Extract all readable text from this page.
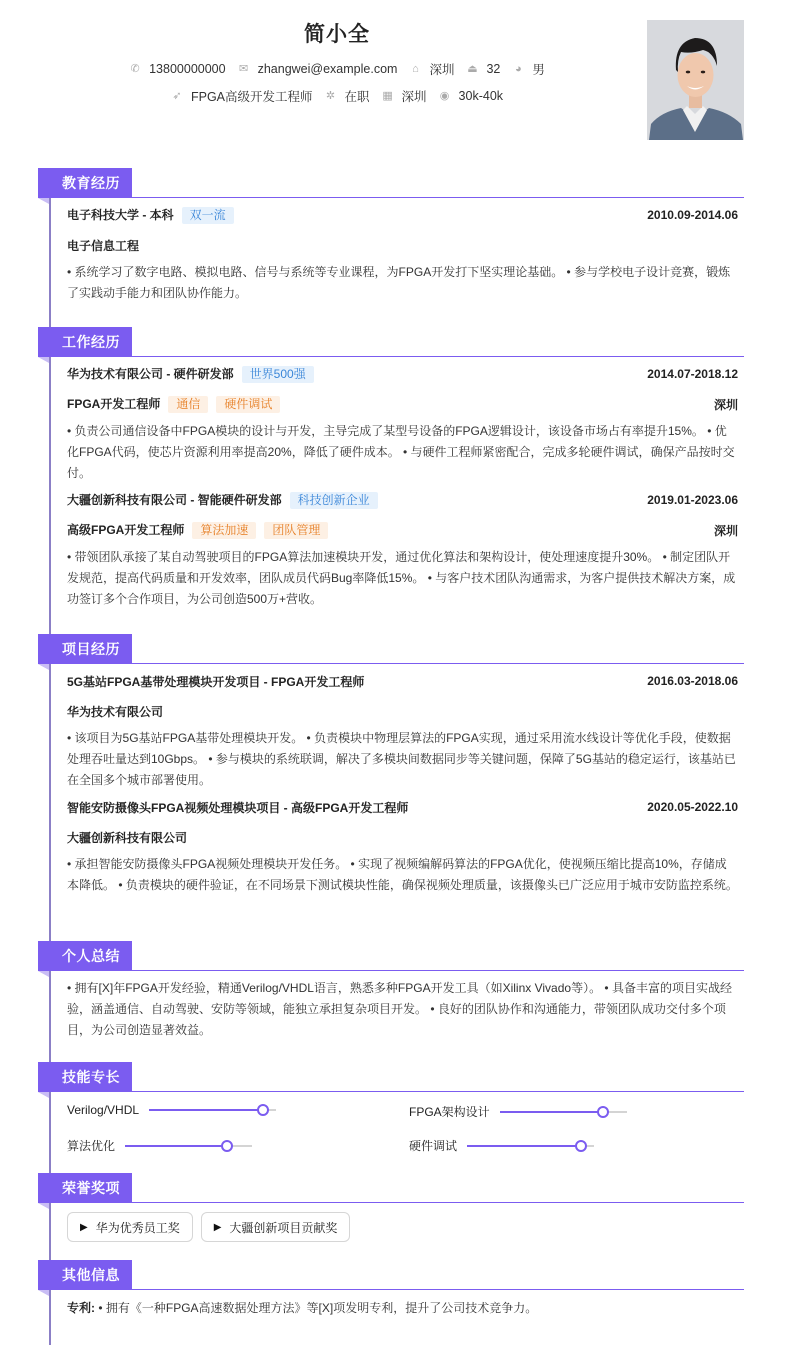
简小全
✆ 13800000000 ✉ zhangwei@example.com ⌂ 深圳 ⏏ 32 ◕ 男
➶ FPGA高级开发工程师 ✲ 在职 ▦ 深圳 ◉ 30k-40k
教育经历
电子科技大学 - 本科 双一流	2010.09-2014.06
电子信息工程
• 系统学习了数字电路、模拟电路、信号与系统等专业课程，为FPGA开发打下坚实理论基础。 • 参与学校电子设计竞赛，锻炼了实践动手能力和团队协作能力。
工作经历
华为技术有限公司 - 硬件研发部 世界500强	2014.07-2018.12
FPGA开发工程师 通信 硬件调试	深圳
• 负责公司通信设备中FPGA模块的设计与开发，主导完成了某型号设备的FPGA逻辑设计，该设备市场占有率提升15%。 • 优化FPGA代码，使芯片资源利用率提高20%，降低了硬件成本。 • 与硬件工程师紧密配合，完成多轮硬件调试，确保产品按时交付。
大疆创新科技有限公司 - 智能硬件研发部 科技创新企业	2019.01-2023.06
高级FPGA开发工程师 算法加速 团队管理	深圳
• 带领团队承接了某自动驾驶项目的FPGA算法加速模块开发，通过优化算法和架构设计，使处理速度提升30%。 • 制定团队开发规范，提高代码质量和开发效率，团队成员代码Bug率降低15%。 • 与客户技术团队沟通需求，为客户提供技术解决方案，成功签订多个合作项目，为公司创造500万+营收。
项目经历
5G基站FPGA基带处理模块开发项目 - FPGA开发工程师	2016.03-2018.06
华为技术有限公司
• 该项目为5G基站FPGA基带处理模块开发。 • 负责模块中物理层算法的FPGA实现，通过采用流水线设计等优化手段，使数据处理吞吐量达到10Gbps。 • 参与模块的系统联调，解决了多模块间数据同步等关键问题，保障了5G基站的稳定运行，该基站已在全国多个城市部署使用。
智能安防摄像头FPGA视频处理模块项目 - 高级FPGA开发工程师	2020.05-2022.10
大疆创新科技有限公司
• 承担智能安防摄像头FPGA视频处理模块开发任务。 • 实现了视频编解码算法的FPGA优化，使视频压缩比提高10%，存储成本降低。 • 负责模块的硬件验证，在不同场景下测试模块性能，确保视频处理质量，该摄像头已广泛应用于城市安防监控系统。
个人总结
• 拥有[X]年FPGA开发经验，精通Verilog/VHDL语言，熟悉多种FPGA开发工具（如Xilinx Vivado等）。 • 具备丰富的项目实战经验，涵盖通信、自动驾驶、安防等领域，能独立承担复杂项目开发。 • 良好的团队协作和沟通能力，带领团队成功交付多个项目，为公司创造显著效益。
技能专长
Verilog/VHDL	FPGA架构设计
算法优化	硬件调试
荣誉奖项
▶ 华为优秀员工奖	▶ 大疆创新项目贡献奖
其他信息
专利: • 拥有《一种FPGA高速数据处理方法》等[X]项发明专利，提升了公司技术竞争力。
